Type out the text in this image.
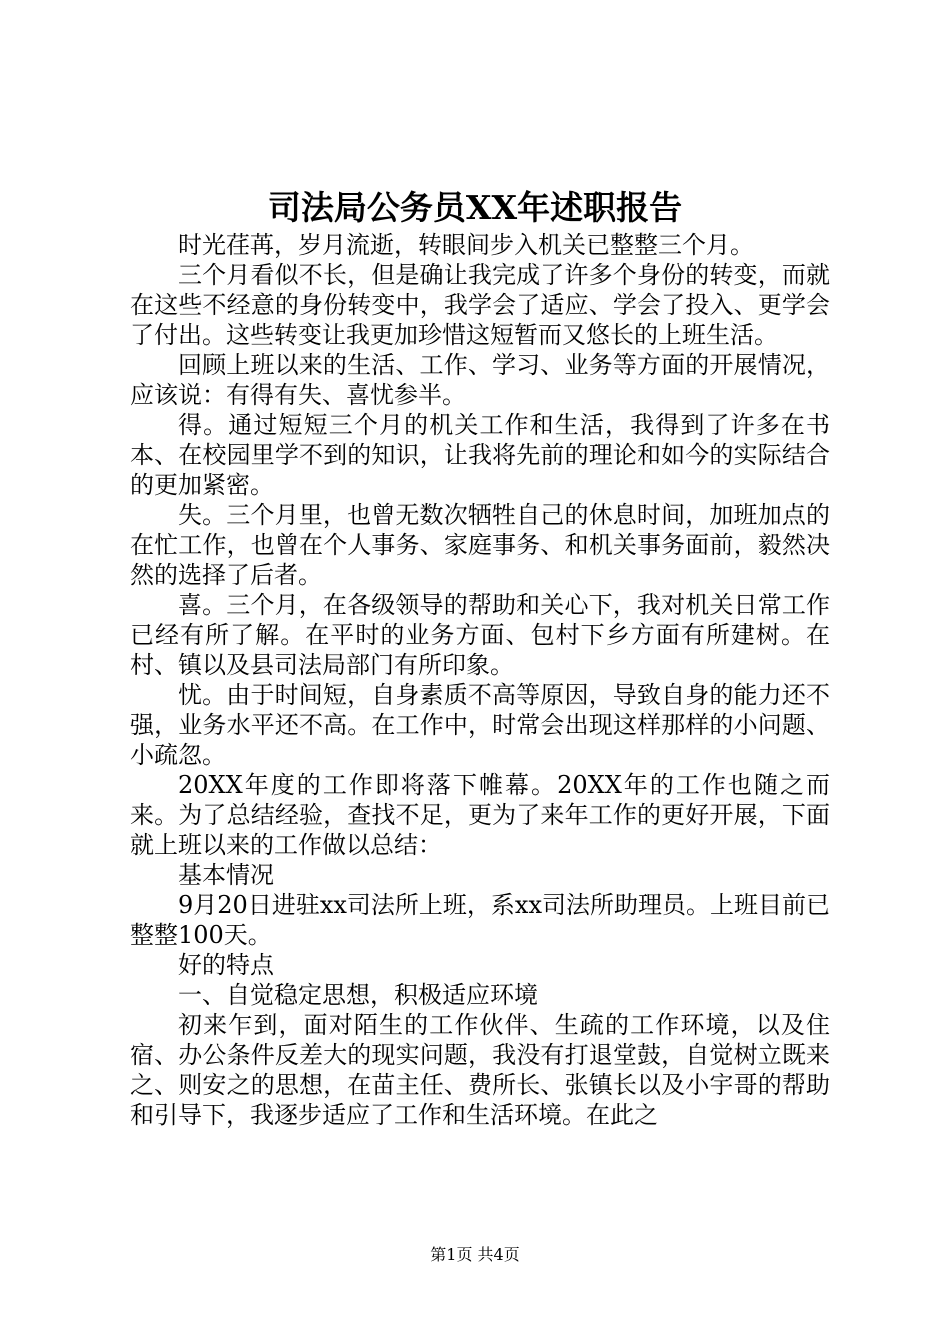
司法局公务员XX年述职报告

时光荏苒，岁月流逝，转眼间步入机关已整整三个月。

三个月看似不长，但是确让我完成了许多个身份的转变，而就在这些不经意的身份转变中，我学会了适应、学会了投入、更学会了付出。这些转变让我更加珍惜这短暂而又悠长的上班生活。

回顾上班以来的生活、工作、学习、业务等方面的开展情况，应该说：有得有失、喜忧参半。

得。通过短短三个月的机关工作和生活，我得到了许多在书本、在校园里学不到的知识，让我将先前的理论和如今的实际结合的更加紧密。

失。三个月里，也曾无数次牺牲自己的休息时间，加班加点的在忙工作，也曾在个人事务、家庭事务、和机关事务面前，毅然决然的选择了后者。

喜。三个月，在各级领导的帮助和关心下，我对机关日常工作已经有所了解。在平时的业务方面、包村下乡方面有所建树。在村、镇以及县司法局部门有所印象。

忧。由于时间短，自身素质不高等原因，导致自身的能力还不强，业务水平还不高。在工作中，时常会出现这样那样的小问题、小疏忽。

20XX年度的工作即将落下帷幕。20XX年的工作也随之而来。为了总结经验，查找不足，更为了来年工作的更好开展，下面就上班以来的工作做以总结：

基本情况

9月20日进驻xx司法所上班，系xx司法所助理员。上班目前已整整100天。

好的特点

一、自觉稳定思想，积极适应环境

初来乍到，面对陌生的工作伙伴、生疏的工作环境，以及住宿、办公条件反差大的现实问题，我没有打退堂鼓，自觉树立既来之、则安之的思想，在苗主任、费所长、张镇长以及小宇哥的帮助和引导下，我逐步适应了工作和生活环境。在此之

第1页 共4页
